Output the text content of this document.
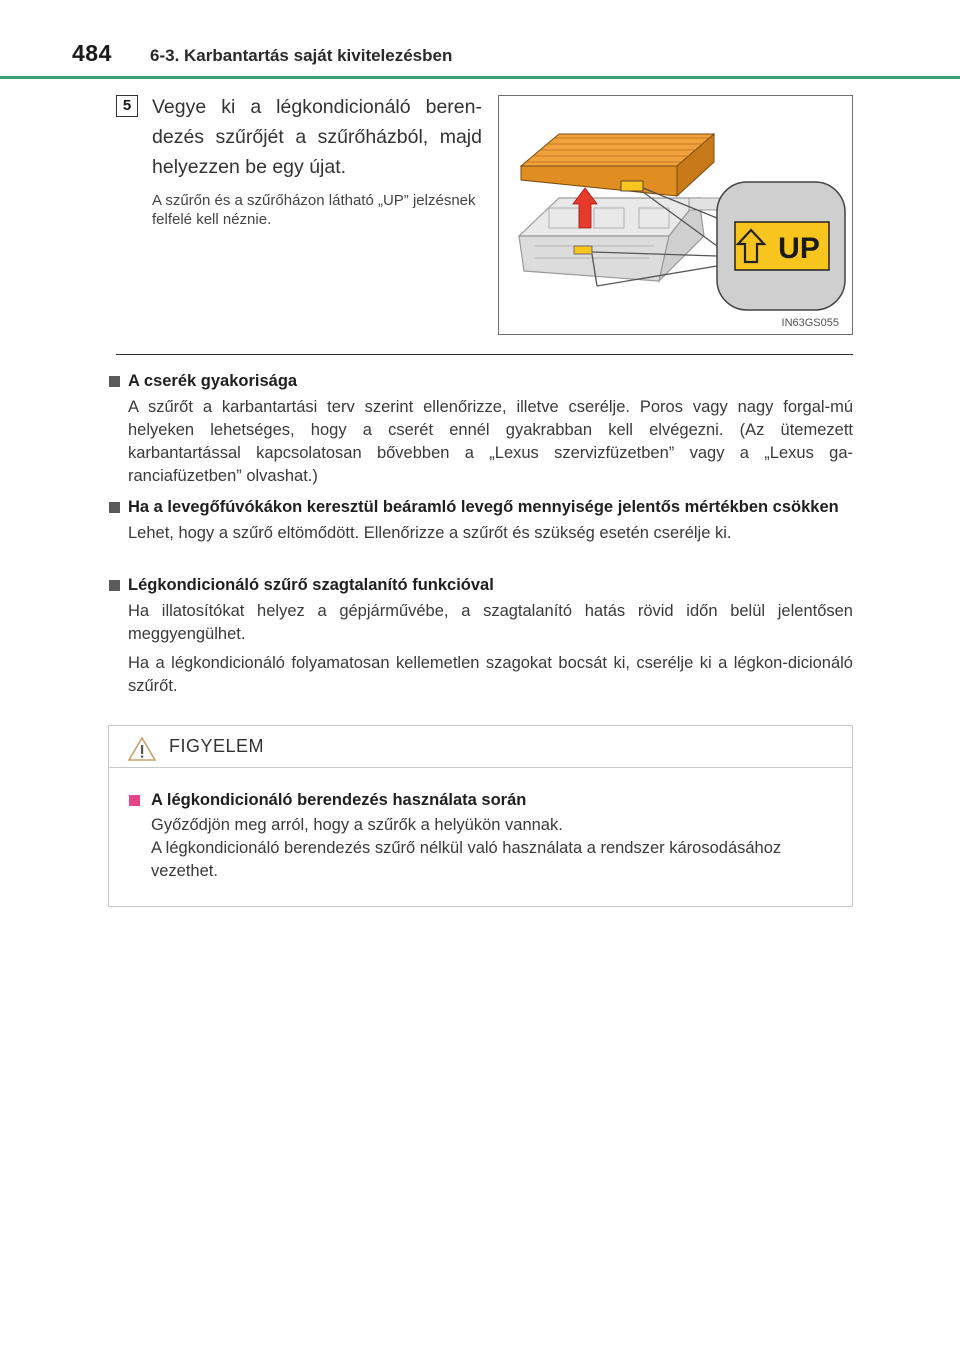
484 6-3. Karbantartás saját kivitelezésben
5	Vegye ki a légkondicionáló beren-dezés szűrőjét a szűrőházból, majd helyezzen be egy újat.
A szűrőn és a szűrőházon látható „UP” jelzésnek felfelé kell néznie.
UP
IN63GS055
A cserék gyakorisága
A szűrőt a karbantartási terv szerint ellenőrizze, illetve cserélje. Poros vagy nagy forgal-mú helyeken lehetséges, hogy a cserét ennél gyakrabban kell elvégezni. (Az ütemezett karbantartással kapcsolatosan bővebben a „Lexus szervizfüzetben” vagy a „Lexus ga-ranciafüzetben” olvashat.)
Ha a levegőfúvókákon keresztül beáramló levegő mennyisége jelentős mértékben csökken
Lehet, hogy a szűrő eltömődött. Ellenőrizze a szűrőt és szükség esetén cserélje ki.
Légkondicionáló szűrő szagtalanító funkcióval
Ha illatosítókat helyez a gépjárművébe, a szagtalanító hatás rövid időn belül jelentősen meggyengülhet.
Ha a légkondicionáló folyamatosan kellemetlen szagokat bocsát ki, cserélje ki a légkon-dicionáló szűrőt.
FIGYELEM
A légkondicionáló berendezés használata során

Győződjön meg arról, hogy a szűrők a helyükön vannak.

A légkondicionáló berendezés szűrő nélkül való használata a rendszer károsodásához vezethet.
